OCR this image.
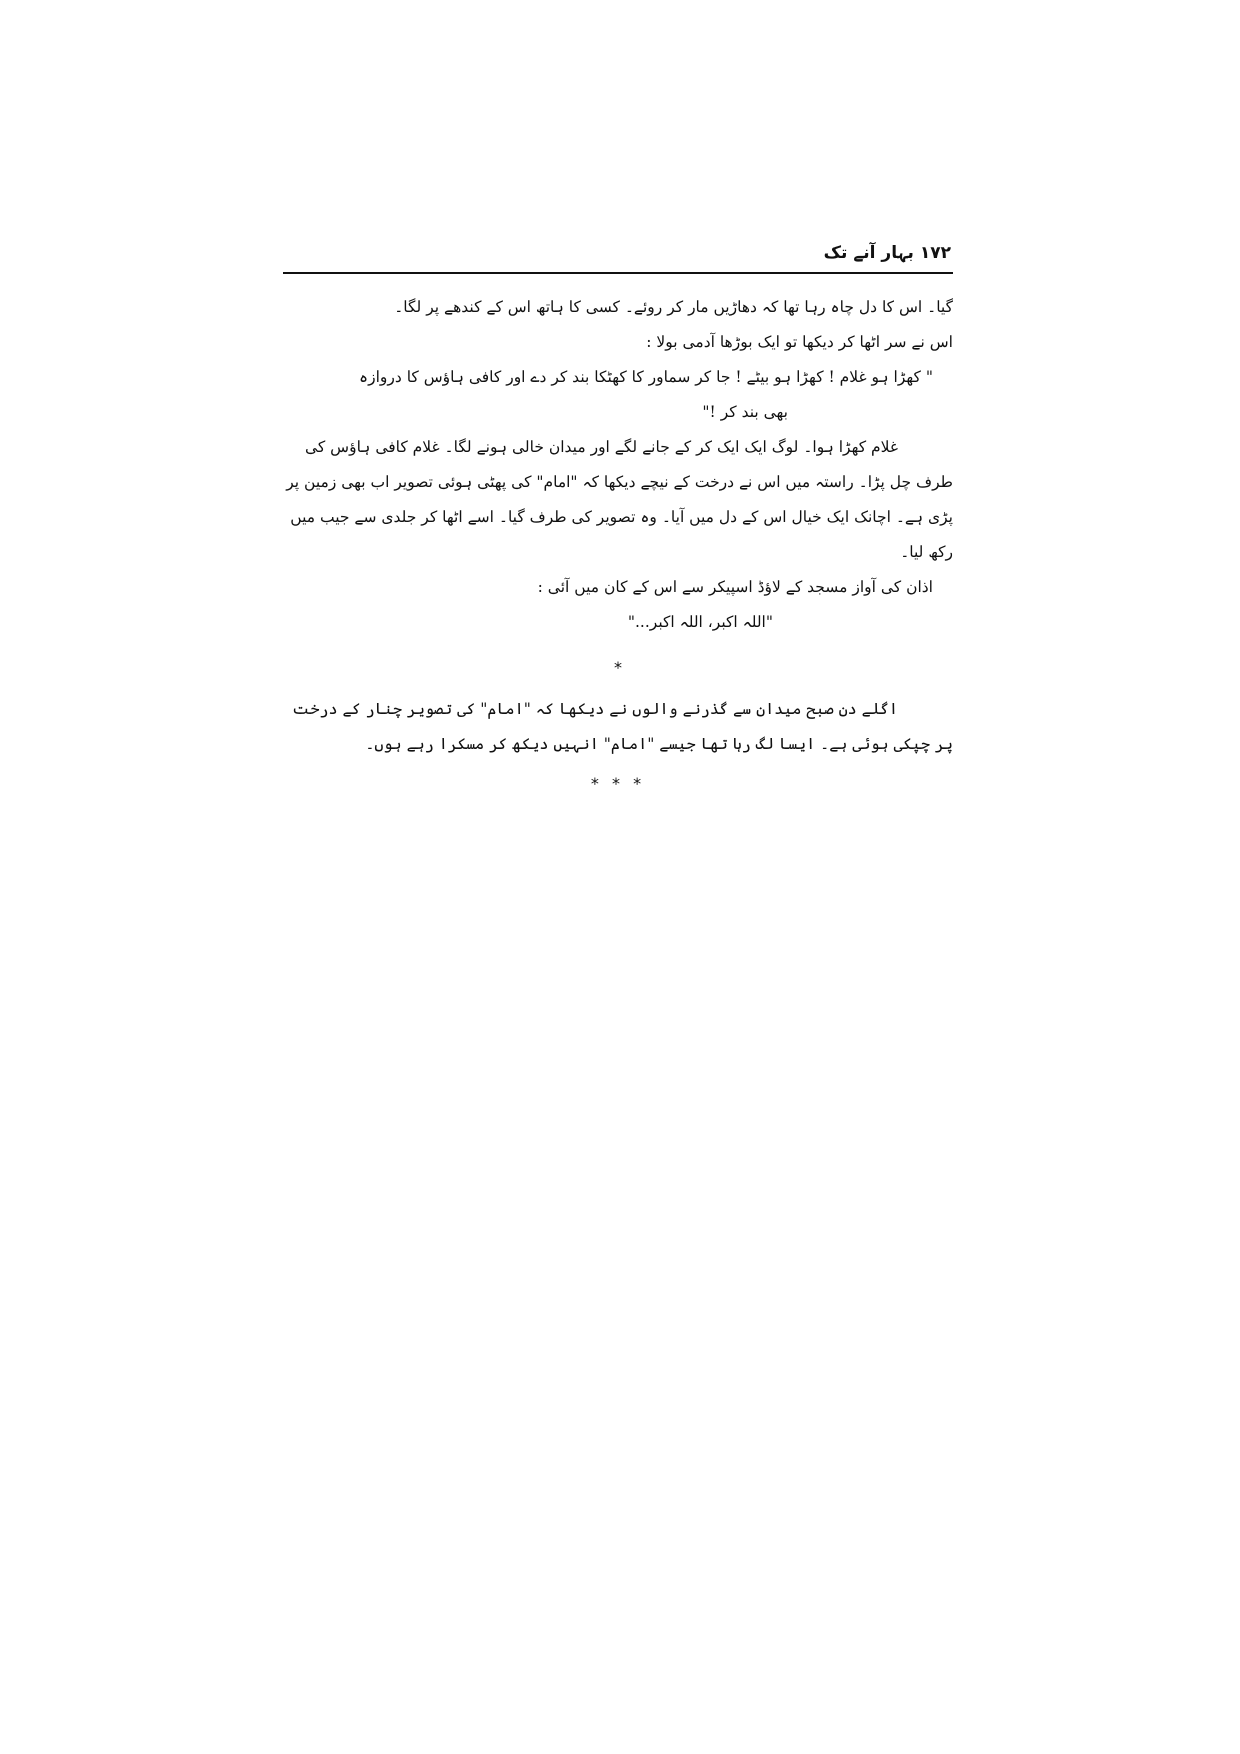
۱۷۲ بہار آنے تک

گیا۔ اس کا دل چاہ رہا تھا کہ دھاڑیں مار کر روئے۔ کسی کا ہاتھ اس کے کندھے پر لگا۔

اس نے سر اٹھا کر دیکھا تو ایک بوڑھا آدمی بولا :

" کھڑا ہو غلام ! کھڑا ہو بیٹے ! جا کر سماور کا کھٹکا بند کر دے اور کافی ہاؤس کا دروازہ

بھی بند کر !"

غلام کھڑا ہوا۔ لوگ ایک ایک کر کے جانے لگے اور میدان خالی ہونے لگا۔ غلام کافی ہاؤس کی طرف چل پڑا۔ راستہ میں اس نے درخت کے نیچے دیکھا کہ "امام" کی پھٹی ہوئی تصویر اب بھی زمین پر پڑی ہے۔ اچانک ایک خیال اس کے دل میں آیا۔ وہ تصویر کی طرف گیا۔ اسے اٹھا کر جلدی سے جیب میں رکھ لیا۔

اذان کی آواز مسجد کے لاؤڈ اسپیکر سے اس کے کان میں آئی :

"اللہ اکبر، اللہ اکبر..."

*

اگلے دن صبح میدان سے گذرنے والوں نے دیکھا کہ "امام" کی تصویر چنار کے درخت پر چپکی ہوئی ہے۔ ایسا لگ رہا تھا جیسے "امام" انہیں دیکھ کر مسکرا رہے ہوں۔

* * *
